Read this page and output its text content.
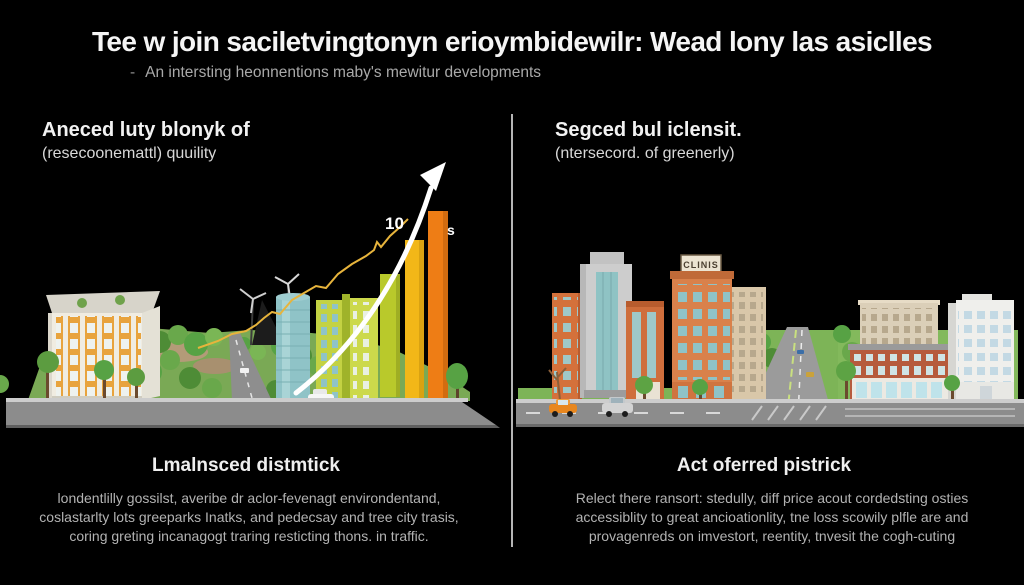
Tee w join saciletvingtonyn erioymbidewilr: Wead lony las asiclles
- An intersting heonnentions maby's mewitur developments
Aneced luty blonyk of
(resecoonemattl) quuility
10	s
Lmalnsced distmtick
londentlilly gossilst, averibe dr aclor-fevenagt environdentand, coslastarlty lots greeparks Inatks, and pedecsay and tree city trasis, coring greting incanagogt traring resticting thons. in traffic.
Segced bul iclensit.
(ntersecord. of greenerly)
CLINIS
Act oferred pistrick
Relect there ransort: stedully, diff price acout cordedsting osties accessiblity to great ancioationlity, tne loss scowily plfle are and provagenreds on imvestort, reentity, tnvesit the cogh-cuting
